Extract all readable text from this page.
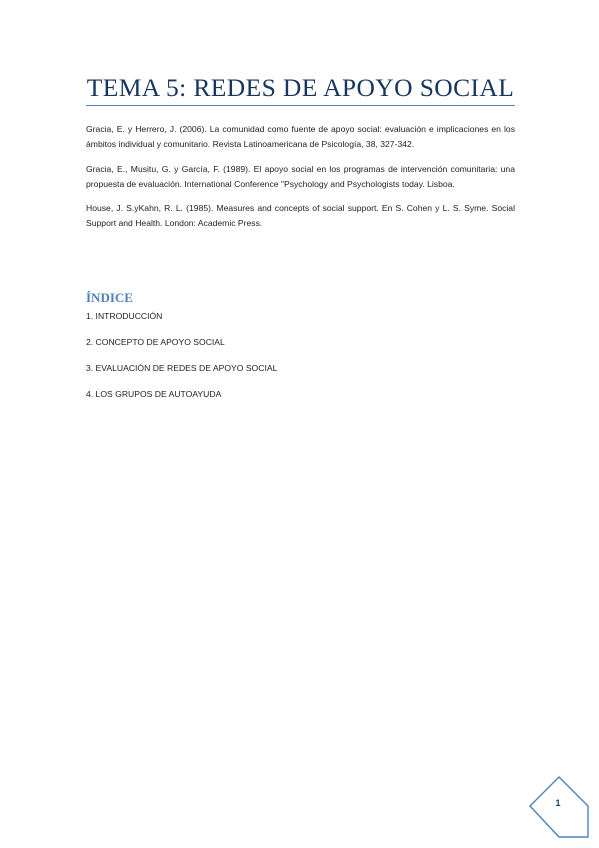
TEMA 5: REDES DE APOYO SOCIAL

Gracia, E. y Herrero, J. (2006). La comunidad como fuente de apoyo social: evaluación e implicaciones en los ámbitos individual y comunitario. Revista Latinoamericana de Psicología, 38, 327-342.

Gracia, E., Musitu, G. y García, F. (1989). El apoyo social en los programas de intervención comunitaria: una propuesta de evaluación. International Conference "Psychology and Psychologists today. Lisboa.

House, J. S.yKahn, R. L. (1985). Measures and concepts of social support. En S. Cohen y L. S. Syme. Social Support and Health. London: Academic Press.

ÍNDICE
1. INTRODUCCIÓN
2. CONCEPTO DE APOYO SOCIAL
3. EVALUACIÓN DE REDES DE APOYO SOCIAL
4. LOS GRUPOS DE AUTOAYUDA
1
